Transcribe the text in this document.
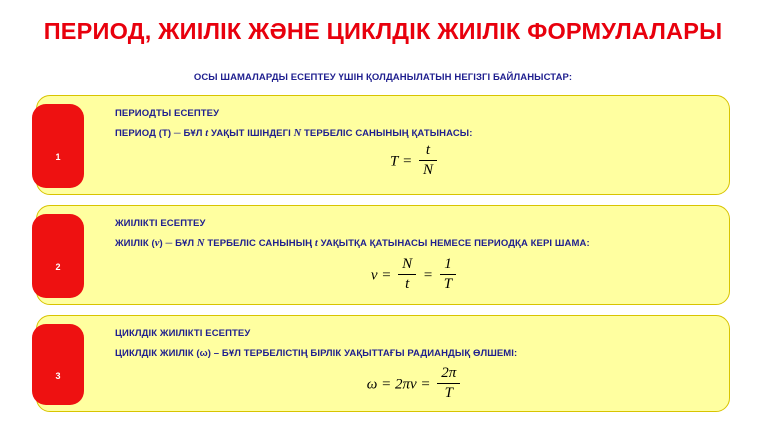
ПЕРИОД, ЖИІЛІК ЖӘНЕ ЦИКЛДІК ЖИІЛІК ФОРМУЛАЛАРЫ
ОСЫ ШАМАЛАРДЫ ЕСЕПТЕУ ҮШІН ҚОЛДАНЫЛАТЫН НЕГІЗГІ БАЙЛАНЫСТАР:
1
ПЕРИОДТЫ ЕСЕПТЕУ
ПЕРИОД (Т) ─ БҰЛ t УАҚЫТ ІШІНДЕГІ N ТЕРБЕЛІС САНЫНЫҢ ҚАТЫНАСЫ:
$T = \frac{t}{N}$
2
ЖИІЛІКТІ ЕСЕПТЕУ
ЖИІЛІК (ν) ─ БҰЛ N ТЕРБЕЛІС САНЫНЫҢ t УАҚЫТҚА ҚАТЫНАСЫ НЕМЕСЕ ПЕРИОДҚА КЕРІ ШАМА:
$\nu = \frac{N}{t} = \frac{1}{T}$
3
ЦИКЛДІК ЖИІЛІКТІ ЕСЕПТЕУ
ЦИКЛДІК ЖИІЛІК (ω) – БҰЛ ТЕРБЕЛІСТІҢ БІРЛІК УАҚЫТТАҒЫ РАДИАНДЫҚ ӨЛШЕМІ:
$\omega = 2\pi\nu = \frac{2\pi}{T}$
